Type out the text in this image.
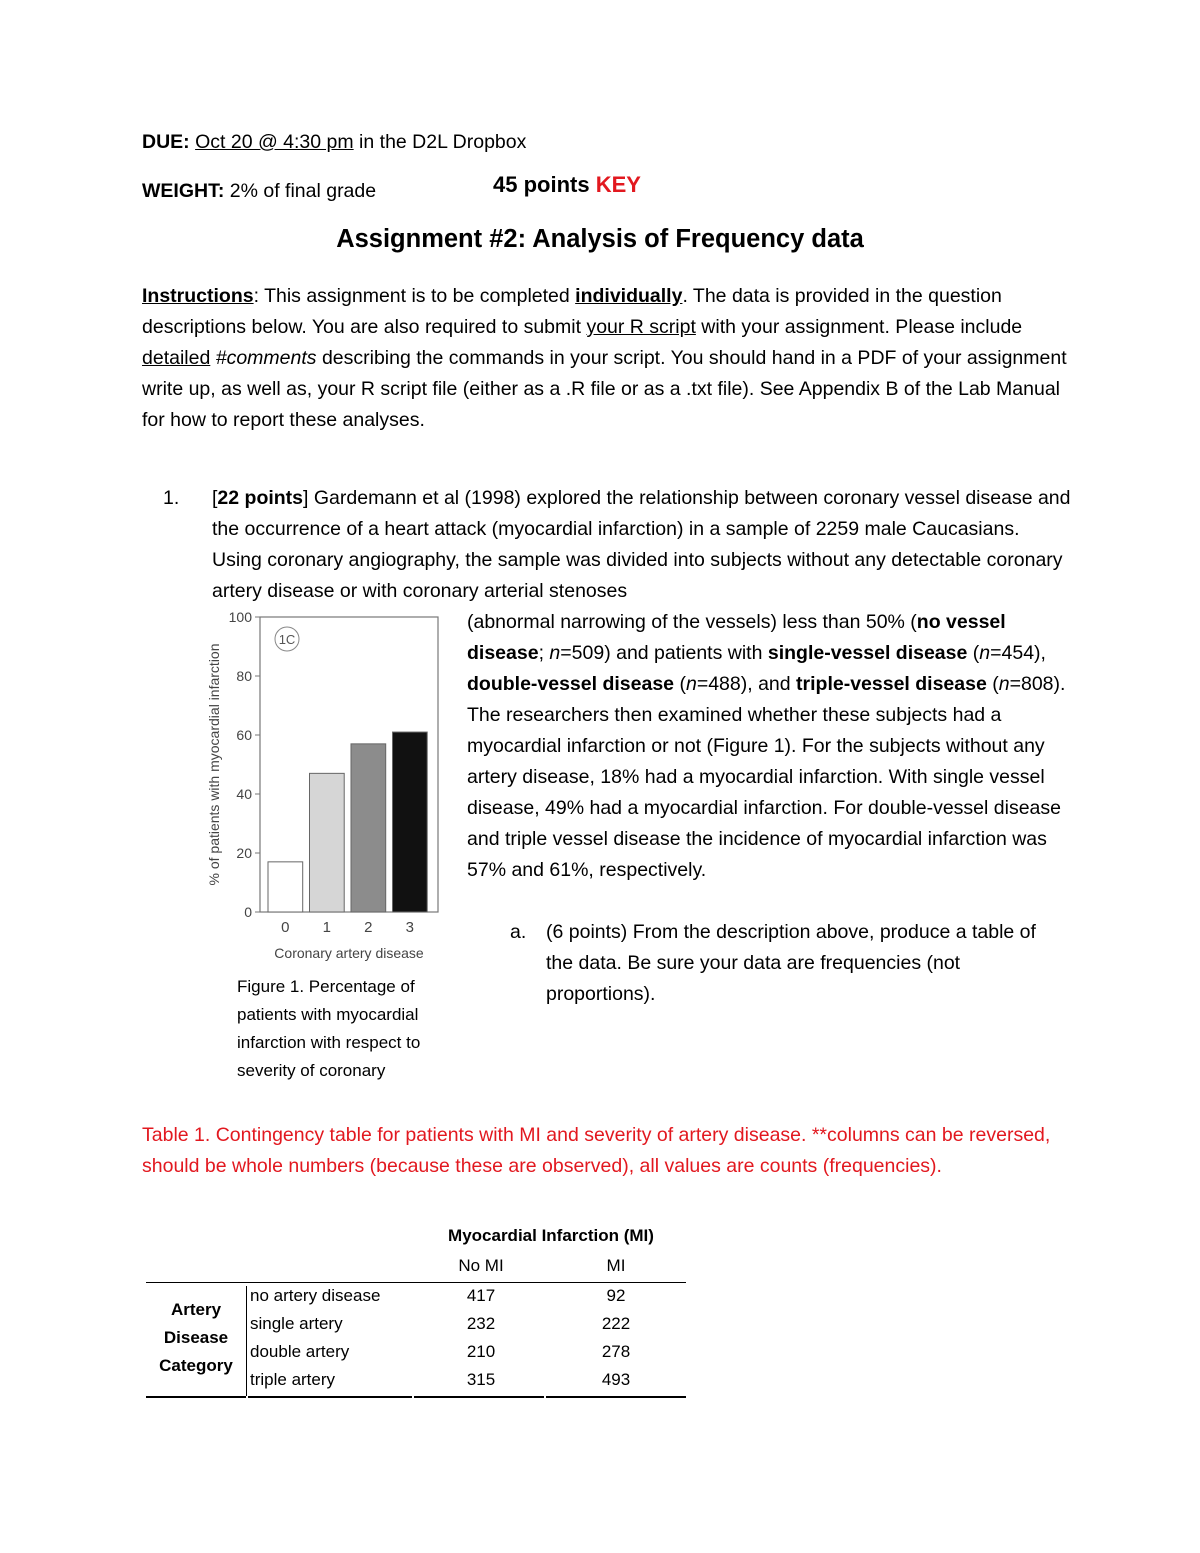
DUE: Oct 20 @ 4:30 pm in the D2L Dropbox
WEIGHT: 2% of final grade	45 points KEY
Assignment #2: Analysis of Frequency data
Instructions: This assignment is to be completed individually. The data is provided in the question descriptions below. You are also required to submit your R script with your assignment. Please include detailed #comments describing the commands in your script. You should hand in a PDF of your assignment write up, as well as, your R script file (either as a .R file or as a .txt file). See Appendix B of the Lab Manual for how to report these analyses.
1. [22 points] Gardemann et al (1998) explored the relationship between coronary vessel disease and the occurrence of a heart attack (myocardial infarction) in a sample of 2259 male Caucasians. Using coronary angiography, the sample was divided into subjects without any detectable coronary artery disease or with coronary arterial stenoses
(abnormal narrowing of the vessels) less than 50% (no vessel disease; n=509) and patients with single-vessel disease (n=454), double-vessel disease (n=488), and triple-vessel disease (n=808). The researchers then examined whether these subjects had a myocardial infarction or not (Figure 1). For the subjects without any artery disease, 18% had a myocardial infarction. With single vessel disease, 49% had a myocardial infarction. For double-vessel disease and triple vessel disease the incidence of myocardial infarction was 57% and 61%, respectively.
a. (6 points) From the description above, produce a table of the data. Be sure your data are frequencies (not proportions).
0
20
40
60
80
100
% of patients with myocardial infarction
0 1 2 3
1C
Coronary artery disease
Figure 1. Percentage of patients with myocardial infarction with respect to severity of coronary
Table 1. Contingency table for patients with MI and severity of artery disease. **columns can be reversed, should be whole numbers (because these are observed), all values are counts (frequencies).
Myocardial Infarction (MI)
No MI	MI
Artery
Disease
Category
no artery disease	417	92
single artery	232	222
double artery	210	278
triple artery	315	493
